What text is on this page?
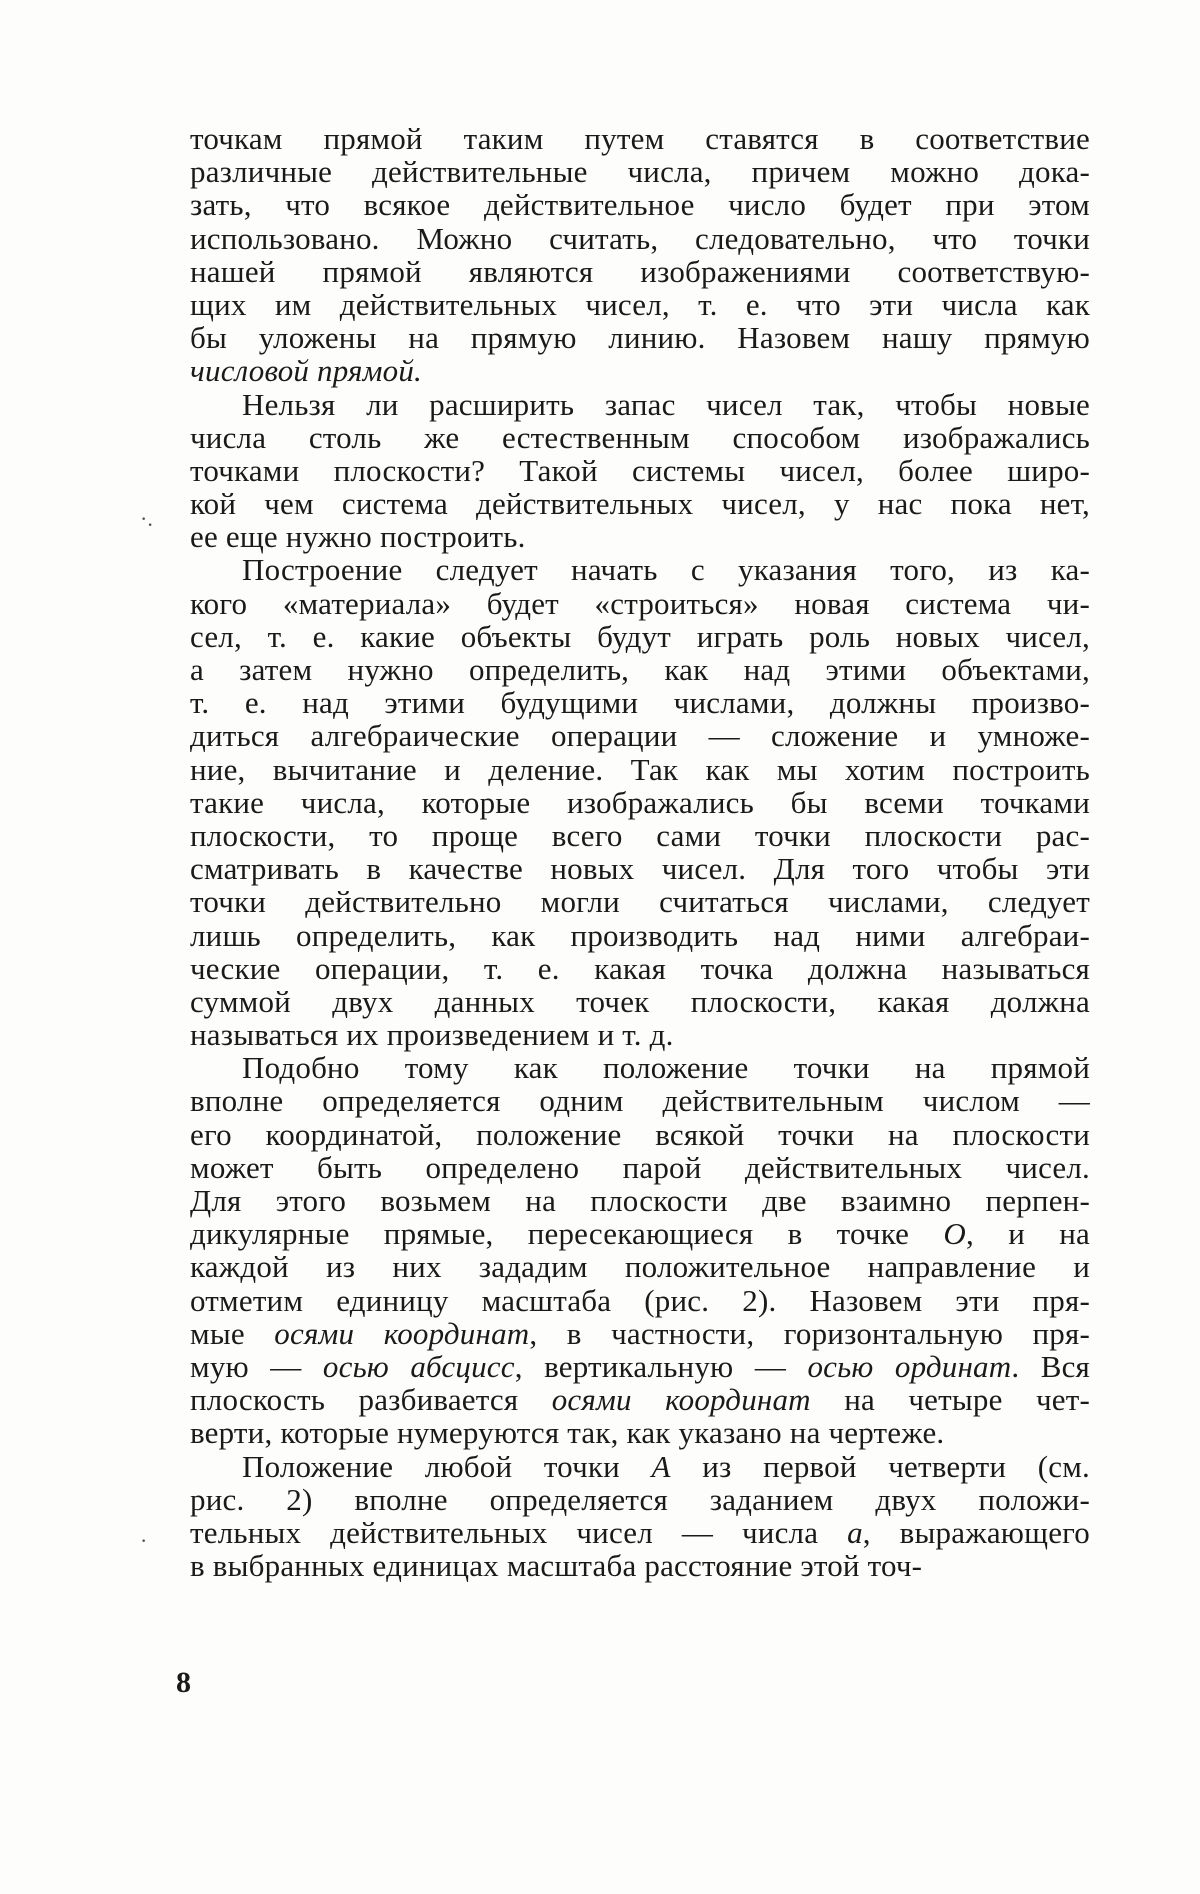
точкам прямой таким путем ставятся в соответствие
различные действительные числа, причем можно дока-
зать, что всякое действительное число будет при этом
использовано. Можно считать, следовательно, что точки
нашей прямой являются изображениями соответствую-
щих им действительных чисел, т. е. что эти числа как
бы уложены на прямую линию. Назовем нашу прямую
числовой прямой.
Нельзя ли расширить запас чисел так, чтобы новые
числа столь же естественным способом изображались
точками плоскости? Такой системы чисел, более широ-
кой чем система действительных чисел, у нас пока нет,
ее еще нужно построить.
Построение следует начать с указания того, из ка-
кого «материала» будет «строиться» новая система чи-
сел, т. е. какие объекты будут играть роль новых чисел,
а затем нужно определить, как над этими объектами,
т. е. над этими будущими числами, должны произво-
диться алгебраические операции — сложение и умноже-
ние, вычитание и деление. Так как мы хотим построить
такие числа, которые изображались бы всеми точками
плоскости, то проще всего сами точки плоскости рас-
сматривать в качестве новых чисел. Для того чтобы эти
точки действительно могли считаться числами, следует
лишь определить, как производить над ними алгебраи-
ческие операции, т. е. какая точка должна называться
суммой двух данных точек плоскости, какая должна
называться их произведением и т. д.
Подобно тому как положение точки на прямой
вполне определяется одним действительным числом —
его координатой, положение всякой точки на плоскости
может быть определено парой действительных чисел.
Для этого возьмем на плоскости две взаимно перпен-
дикулярные прямые, пересекающиеся в точке O, и на
каждой из них зададим положительное направление и
отметим единицу масштаба (рис. 2). Назовем эти пря-
мые осями координат, в частности, горизонтальную пря-
мую — осью абсцисс, вертикальную — осью ординат. Вся
плоскость разбивается осями координат на четыре чет-
верти, которые нумеруются так, как указано на чертеже.
Положение любой точки A из первой четверти (см.
рис. 2) вполне определяется заданием двух положи-
тельных действительных чисел — числа a, выражающего
в выбранных единицах масштаба расстояние этой точ-
8
·.
·
